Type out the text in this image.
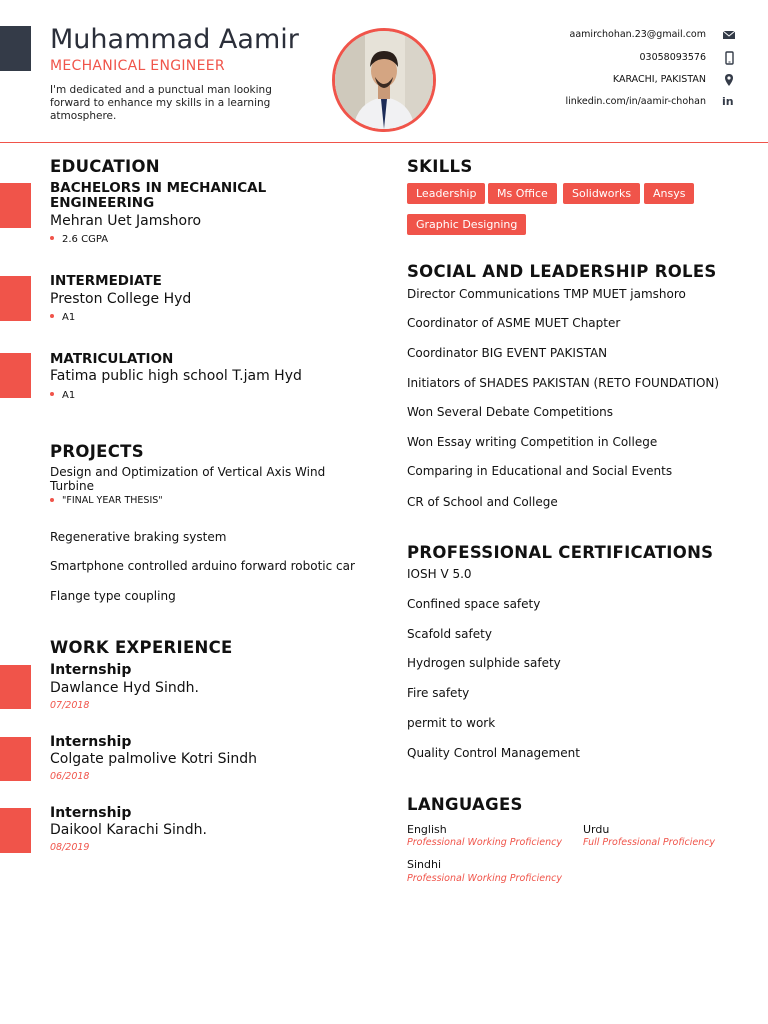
Muhammad Aamir
MECHANICAL ENGINEER
I'm dedicated and a punctual man looking forward to enhance my skills in a learning atmosphere.
aamirchohan.23@gmail.com
03058093576
KARACHI, PAKISTAN
linkedin.com/in/aamir-chohan in
EDUCATION
BACHELORS IN MECHANICAL ENGINEERING
Mehran Uet Jamshoro
2.6 CGPA
INTERMEDIATE
Preston College Hyd
A1
MATRICULATION
Fatima public high school T.jam Hyd
A1
PROJECTS
Design and Optimization of Vertical Axis Wind Turbine
"FINAL YEAR THESIS"
Regenerative braking system
Smartphone controlled arduino forward robotic car
Flange type coupling
WORK EXPERIENCE
Internship
Dawlance Hyd Sindh.
07/2018
Internship
Colgate palmolive Kotri Sindh
06/2018
Internship
Daikool Karachi Sindh.
08/2019
SKILLS
Leadership	Ms Office	Solidworks	Ansys
Graphic Designing
SOCIAL AND LEADERSHIP ROLES
Director Communications TMP MUET jamshoro
Coordinator of ASME MUET Chapter
Coordinator BIG EVENT PAKISTAN
Initiators of SHADES PAKISTAN (RETO FOUNDATION)
Won Several Debate Competitions
Won Essay writing Competition in College
Comparing in Educational and Social Events
CR of School and College
PROFESSIONAL CERTIFICATIONS
IOSH V 5.0
Confined space safety
Scafold safety
Hydrogen sulphide safety
Fire safety
permit to work
Quality Control Management
LANGUAGES
English
Professional Working Proficiency
Urdu
Full Professional Proficiency
Sindhi
Professional Working Proficiency
